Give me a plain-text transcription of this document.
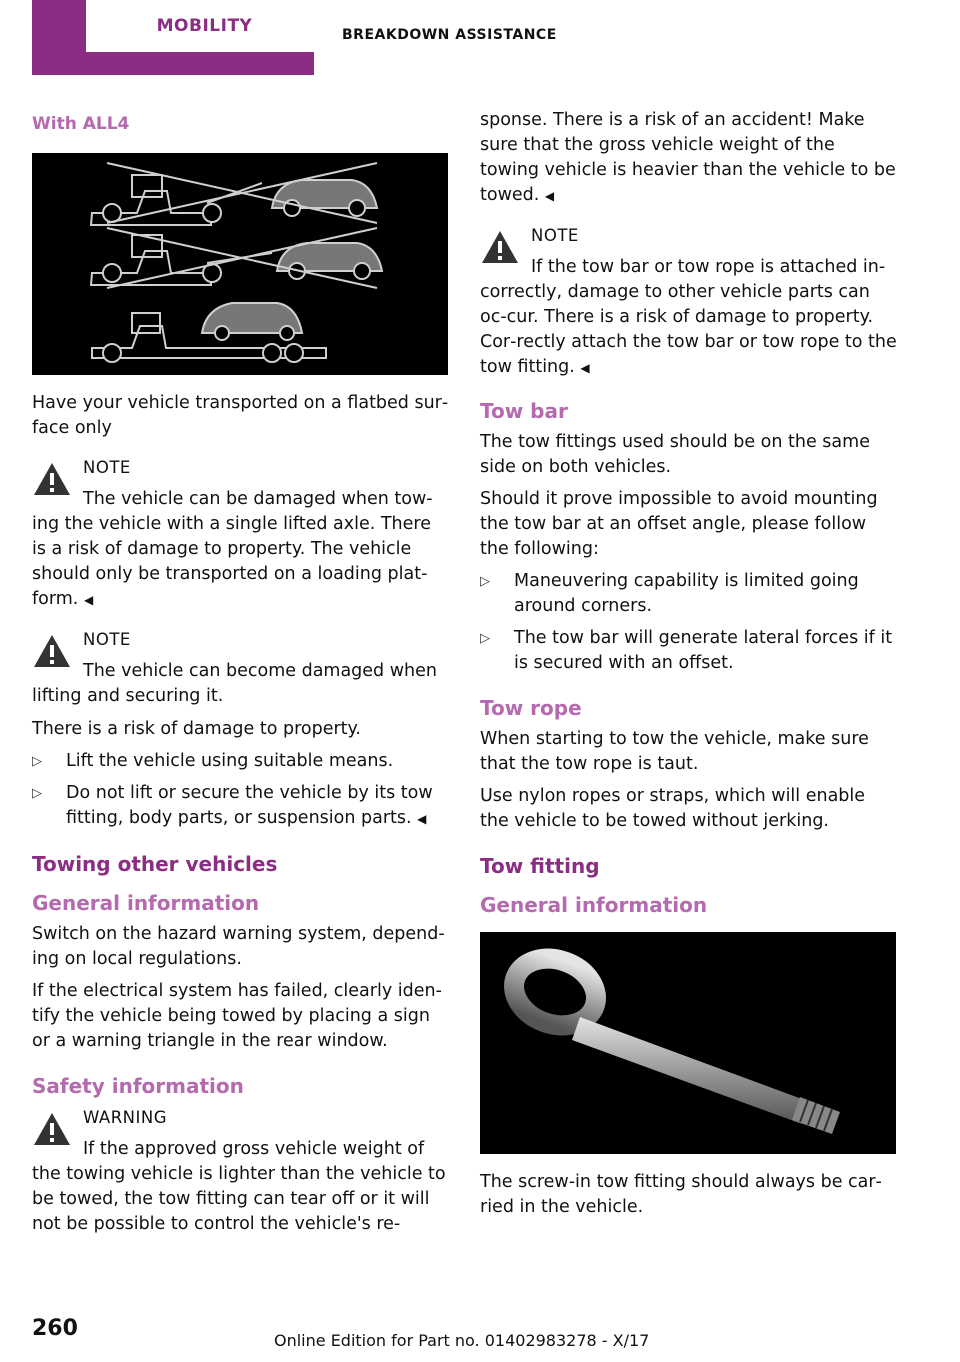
MOBILITY	BREAKDOWN ASSISTANCE
With ALL4

Have your vehicle transported on a flatbed sur‐face only

NOTE

The vehicle can be damaged when tow‐ing the vehicle with a single lifted axle. There is a risk of damage to property. The vehicle should only be transported on a loading plat‐form. ◀

NOTE

The vehicle can become damaged when lifting and securing it.

There is a risk of damage to property.

▷ Lift the vehicle using suitable means.
▷ Do not lift or secure the vehicle by its tow fitting, body parts, or suspension parts. ◀
Towing other vehicles
General information

Switch on the hazard warning system, depend‐ing on local regulations.

If the electrical system has failed, clearly iden‐tify the vehicle being towed by placing a sign or a warning triangle in the rear window.

Safety information
WARNING

If the approved gross vehicle weight of the towing vehicle is lighter than the vehicle to be towed, the tow fitting can tear off or it will not be possible to control the vehicle's re‐

sponse. There is a risk of an accident! Make sure that the gross vehicle weight of the towing vehicle is heavier than the vehicle to be towed. ◀

NOTE

If the tow bar or tow rope is attached in‐correctly, damage to other vehicle parts can oc‐cur. There is a risk of damage to property. Cor‐rectly attach the tow bar or tow rope to the tow fitting. ◀

Tow bar

The tow fittings used should be on the same side on both vehicles.

Should it prove impossible to avoid mounting the tow bar at an offset angle, please follow the following:

▷ Maneuvering capability is limited going around corners.
▷ The tow bar will generate lateral forces if it is secured with an offset.
Tow rope

When starting to tow the vehicle, make sure that the tow rope is taut.

Use nylon ropes or straps, which will enable the vehicle to be towed without jerking.

Tow fitting
General information

The screw-in tow fitting should always be car‐ried in the vehicle.

260	Online Edition for Part no. 01402983278 - X/17
